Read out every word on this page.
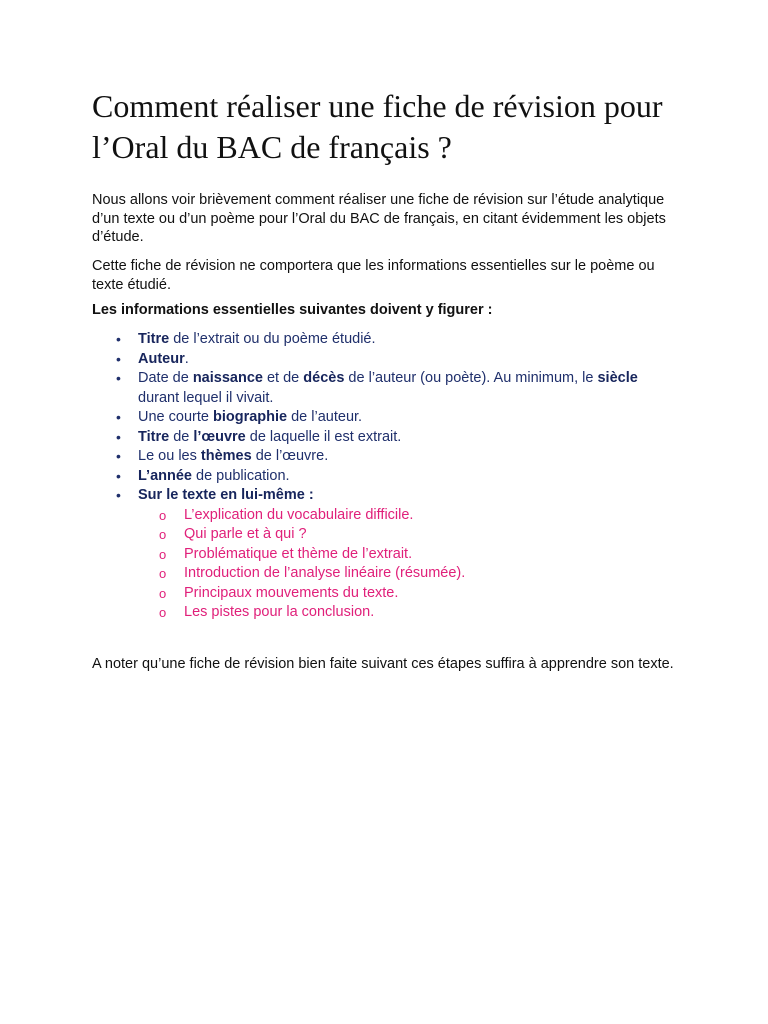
Comment réaliser une fiche de révision pour l’Oral du BAC de français ?

Nous allons voir brièvement comment réaliser une fiche de révision sur l’étude analytique d’un texte ou d’un poème pour l’Oral du BAC de français, en citant évidemment les objets d’étude.

Cette fiche de révision ne comportera que les informations essentielles sur le poème ou texte étudié.

Les informations essentielles suivantes doivent y figurer :

• Titre de l’extrait ou du poème étudié.
• Auteur.
• Date de naissance et de décès de l’auteur (ou poète). Au minimum, le siècle durant lequel il vivait.
• Une courte biographie de l’auteur.
• Titre de l’œuvre de laquelle il est extrait.
• Le ou les thèmes de l’œuvre.
• L’année de publication.
• Sur le texte en lui-même :
o L’explication du vocabulaire difficile.
o Qui parle et à qui ?
o Problématique et thème de l’extrait.
o Introduction de l’analyse linéaire (résumée).
o Principaux mouvements du texte.
o Les pistes pour la conclusion.

A noter qu’une fiche de révision bien faite suivant ces étapes suffira à apprendre son texte.
